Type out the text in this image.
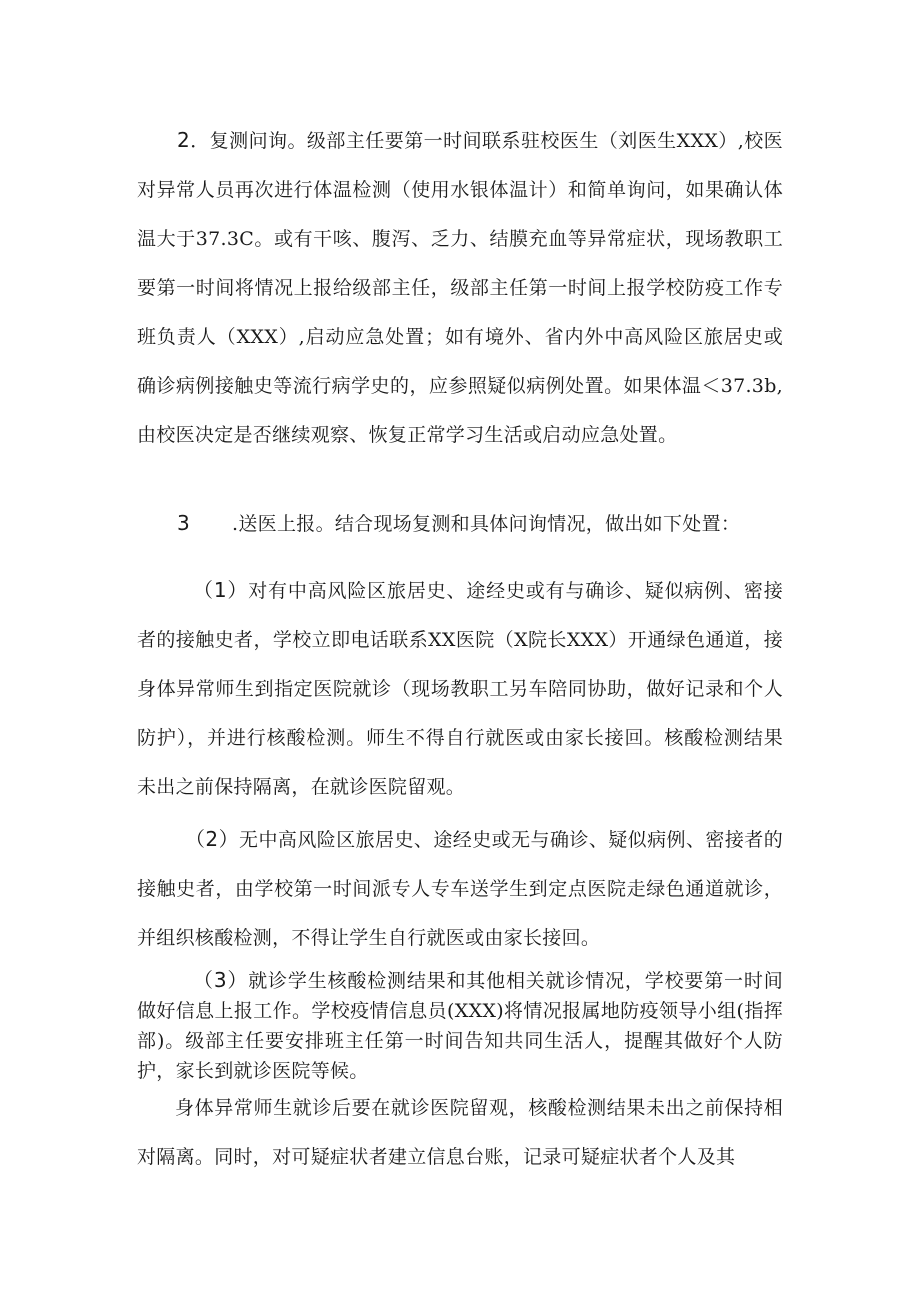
2．复测问询。级部主任要第一时间联系驻校医生（刘医生XXX）,校医对异常人员再次进行体温检测（使用水银体温计）和简单询问，如果确认体温大于37.3C。或有干咳、腹泻、乏力、结膜充血等异常症状，现场教职工要第一时间将情况上报给级部主任，级部主任第一时间上报学校防疫工作专班负责人（XXX）,启动应急处置；如有境外、省内外中高风险区旅居史或确诊病例接触史等流行病学史的，应参照疑似病例处置。如果体温＜37.3b,由校医决定是否继续观察、恢复正常学习生活或启动应急处置。

3 .送医上报。结合现场复测和具体问询情况，做出如下处置：

（1）对有中高风险区旅居史、途经史或有与确诊、疑似病例、密接者的接触史者，学校立即电话联系XX医院（X院长XXX）开通绿色通道，接身体异常师生到指定医院就诊（现场教职工另车陪同协助，做好记录和个人防护），并进行核酸检测。师生不得自行就医或由家长接回。核酸检测结果未出之前保持隔离，在就诊医院留观。

（2）无中高风险区旅居史、途经史或无与确诊、疑似病例、密接者的接触史者，由学校第一时间派专人专车送学生到定点医院走绿色通道就诊，并组织核酸检测，不得让学生自行就医或由家长接回。

（3）就诊学生核酸检测结果和其他相关就诊情况，学校要第一时间做好信息上报工作。学校疫情信息员(XXX)将情况报属地防疫领导小组(指挥部)。级部主任要安排班主任第一时间告知共同生活人，提醒其做好个人防护，家长到就诊医院等候。

身体异常师生就诊后要在就诊医院留观，核酸检测结果未出之前保持相对隔离。同时，对可疑症状者建立信息台账，记录可疑症状者个人及其
